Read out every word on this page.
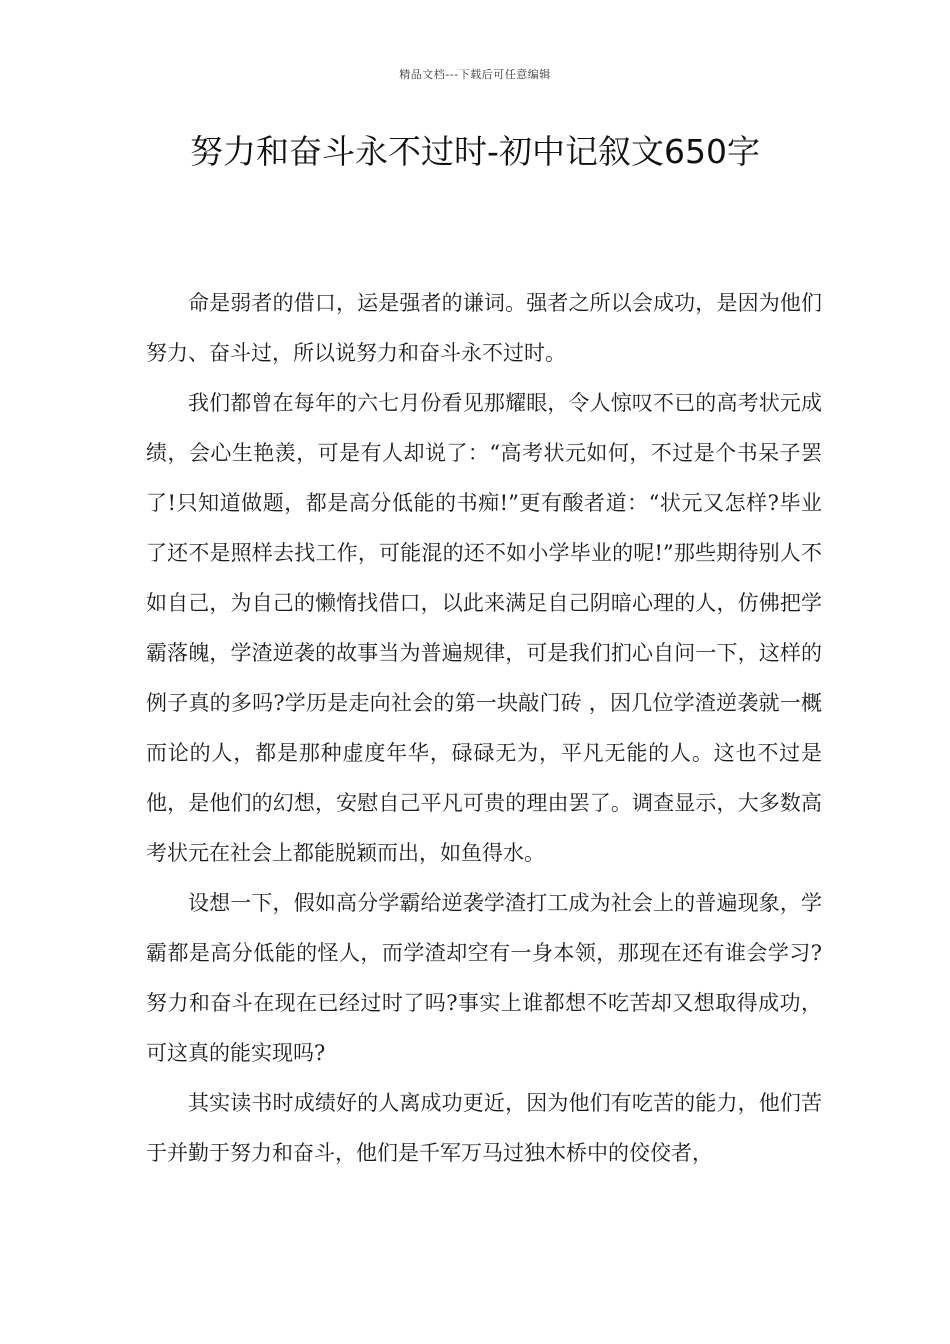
精品文档---下载后可任意编辑
努力和奋斗永不过时-初中记叙文650字

命是弱者的借口，运是强者的谦词。强者之所以会成功，是因为他们努力、奋斗过，所以说努力和奋斗永不过时。

我们都曾在每年的六七月份看见那耀眼，令人惊叹不已的高考状元成绩，会心生艳羡，可是有人却说了：“高考状元如何，不过是个书呆子罢了!只知道做题，都是高分低能的书痴!”更有酸者道：“状元又怎样?毕业了还不是照样去找工作，可能混的还不如小学毕业的呢!”那些期待别人不如自己，为自己的懒惰找借口，以此来满足自己阴暗心理的人，仿佛把学霸落魄，学渣逆袭的故事当为普遍规律，可是我们扪心自问一下，这样的例子真的多吗?学历是走向社会的第一块敲门砖 ，因几位学渣逆袭就一概而论的人，都是那种虚度年华，碌碌无为，平凡无能的人。这也不过是他，是他们的幻想，安慰自己平凡可贵的理由罢了。调查显示，大多数高考状元在社会上都能脱颖而出，如鱼得水。

设想一下，假如高分学霸给逆袭学渣打工成为社会上的普遍现象，学霸都是高分低能的怪人，而学渣却空有一身本领，那现在还有谁会学习?努力和奋斗在现在已经过时了吗?事实上谁都想不吃苦却又想取得成功，可这真的能实现吗?

其实读书时成绩好的人离成功更近，因为他们有吃苦的能力，他们苦于并勤于努力和奋斗，他们是千军万马过独木桥中的佼佼者，
